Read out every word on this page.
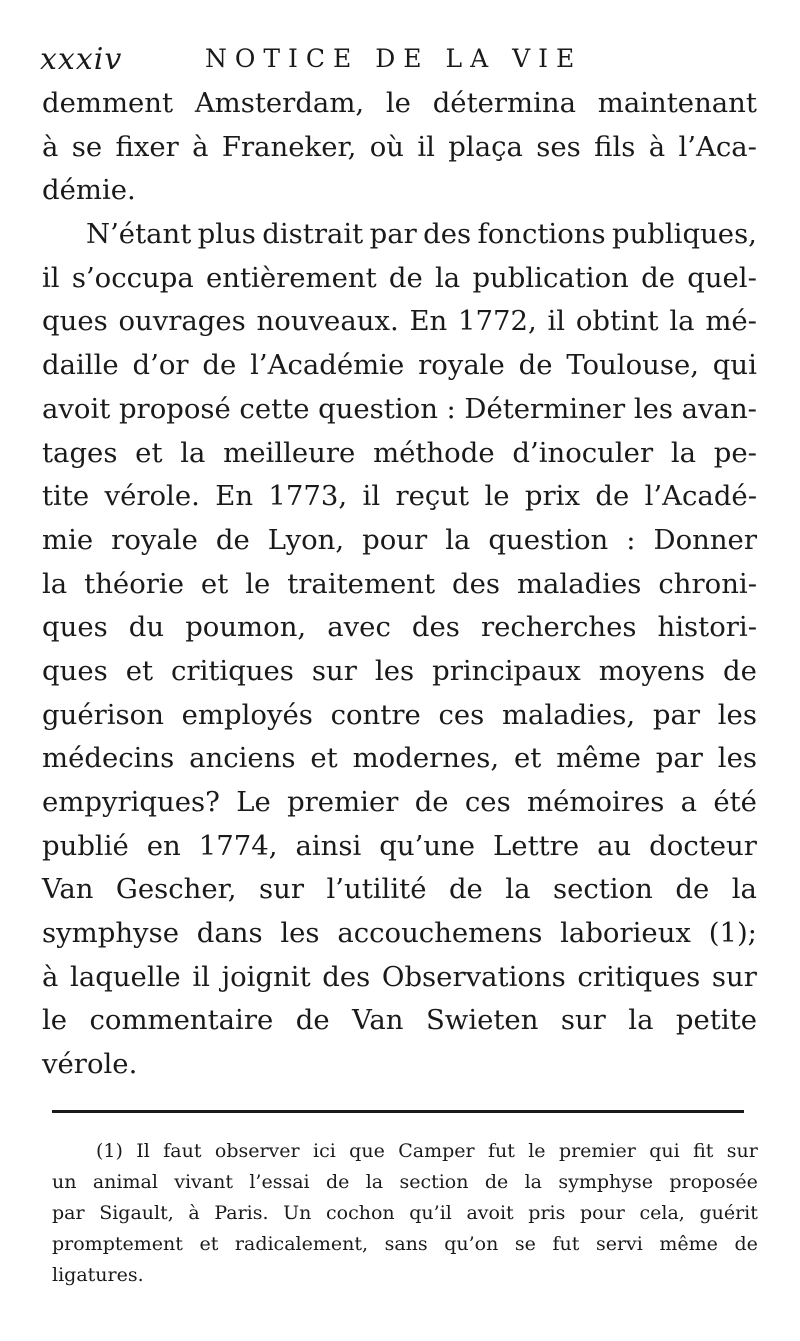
xxxiv	NOTICE DE LA VIE
demment Amsterdam, le détermina maintenant
à se fixer à Franeker, où il plaça ses fils à l’Aca-
démie.
N’étant plus distrait par des fonctions publiques,
il s’occupa entièrement de la publication de quel-
ques ouvrages nouveaux. En 1772, il obtint la mé-
daille d’or de l’Académie royale de Toulouse, qui
avoit proposé cette question : Déterminer les avan-
tages et la meilleure méthode d’inoculer la pe-
tite vérole. En 1773, il reçut le prix de l’Acadé-
mie royale de Lyon, pour la question : Donner
la théorie et le traitement des maladies chroni-
ques du poumon, avec des recherches histori-
ques et critiques sur les principaux moyens de
guérison employés contre ces maladies, par les
médecins anciens et modernes, et même par les
empyriques? Le premier de ces mémoires a été
publié en 1774, ainsi qu’une Lettre au docteur
Van Gescher, sur l’utilité de la section de la
symphyse dans les accouchemens laborieux (1);
à laquelle il joignit des Observations critiques sur
le commentaire de Van Swieten sur la petite
vérole.
(1) Il faut observer ici que Camper fut le premier qui fit sur
un animal vivant l’essai de la section de la symphyse proposée
par Sigault, à Paris. Un cochon qu’il avoit pris pour cela, guérit
promptement et radicalement, sans qu’on se fut servi même de
ligatures.
